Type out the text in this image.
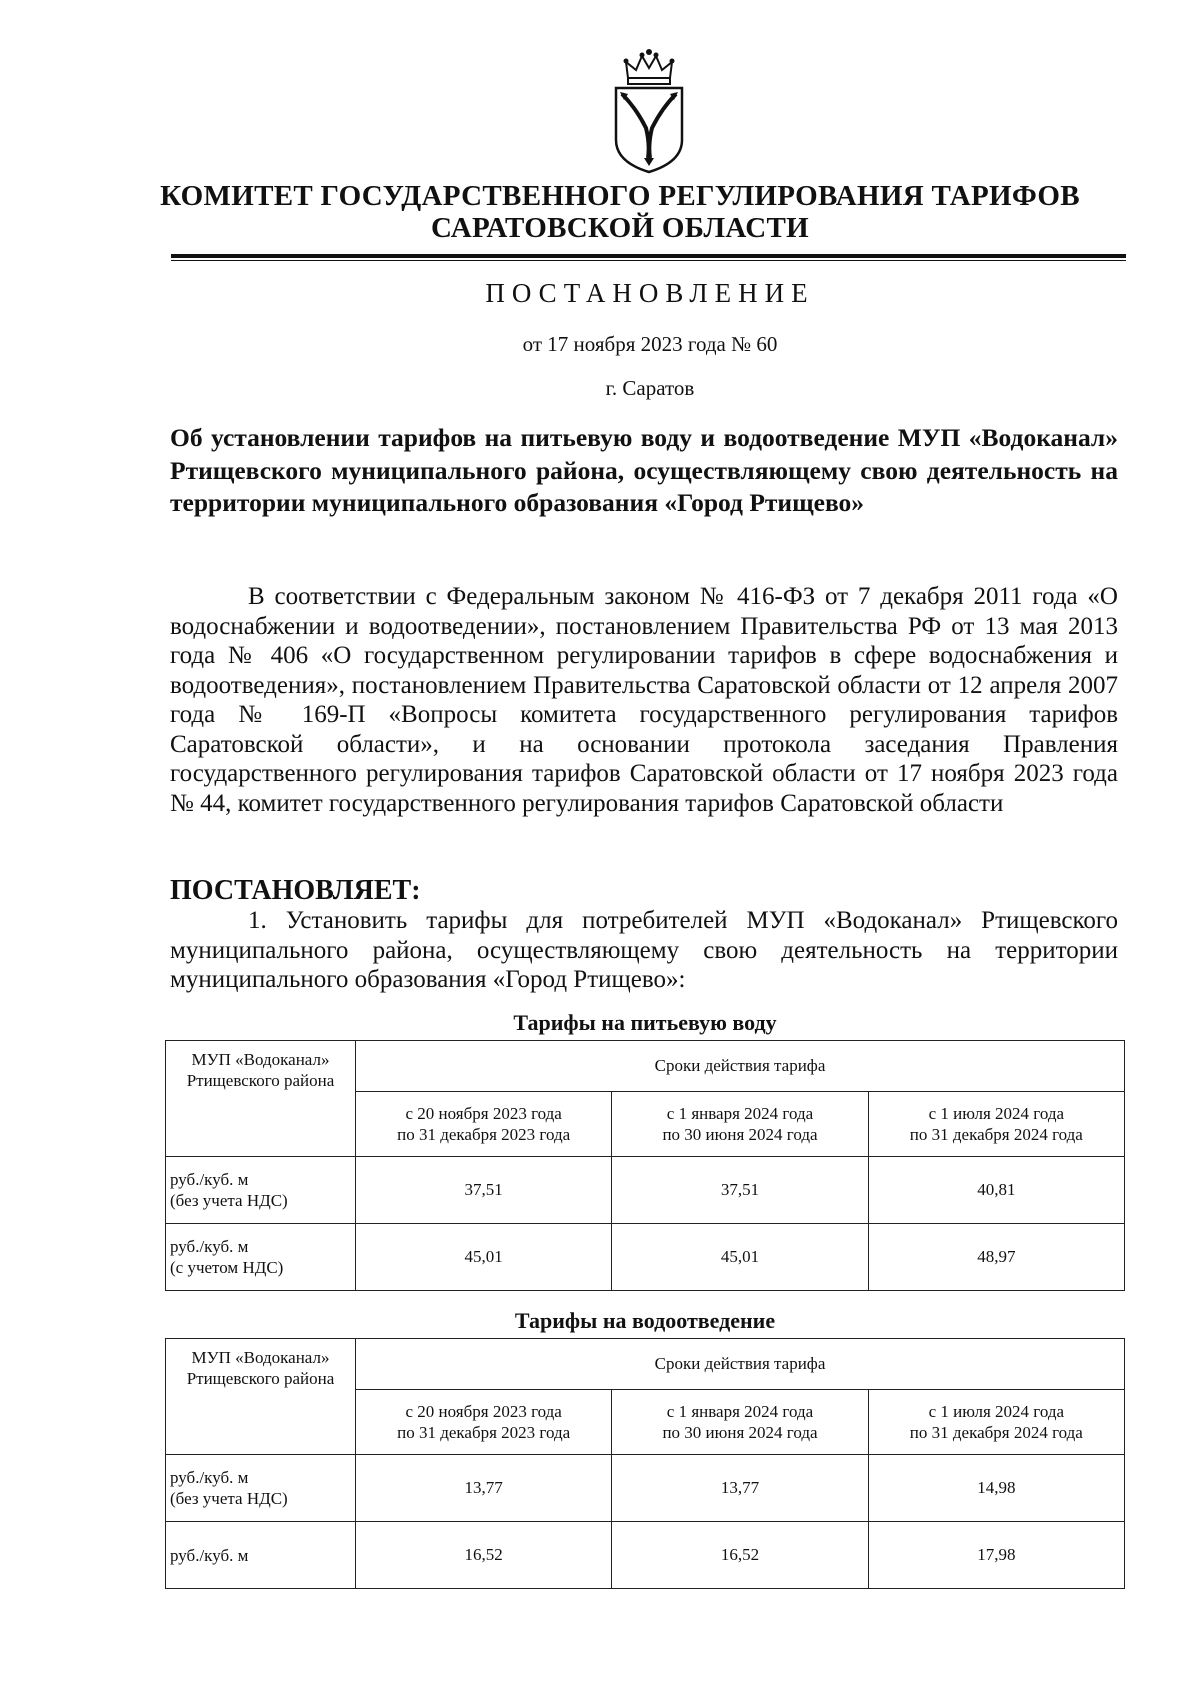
КОМИТЕТ ГОСУДАРСТВЕННОГО РЕГУЛИРОВАНИЯ ТАРИФОВ
САРАТОВСКОЙ ОБЛАСТИ
ПОСТАНОВЛЕНИЕ
от 17 ноября 2023 года № 60
г. Саратов
Об установлении тарифов на питьевую воду и водоотведение МУП «Водоканал» Ртищевского муниципального района, осуществляющему свою деятельность на территории муниципального образования «Город Ртищево»
В соответствии с Федеральным законом № 416-ФЗ от 7 декабря 2011 года «О водоснабжении и водоотведении», постановлением Правительства РФ от 13 мая 2013 года № 406 «О государственном регулировании тарифов в сфере водоснабжения и водоотведения», постановлением Правительства Саратовской области от 12 апреля 2007 года № 169-П «Вопросы комитета государственного регулирования тарифов Саратовской области», и на основании протокола заседания Правления государственного регулирования тарифов Саратовской области от 17 ноября 2023 года № 44, комитет государственного регулирования тарифов Саратовской области
ПОСТАНОВЛЯЕТ:
1. Установить тарифы для потребителей МУП «Водоканал» Ртищевского муниципального района, осуществляющему свою деятельность на территории муниципального образования «Город Ртищево»:
Тарифы на питьевую воду
МУП «Водоканал»
Ртищевского района	Сроки действия тарифа		

	с 20 ноября 2023 года
по 31 декабря 2023 года	с 1 января 2024 года
по 30 июня 2024 года	с 1 июля 2024 года
по 31 декабря 2024 года

руб./куб. м
(без учета НДС)	37,51	37,51	40,81

руб./куб. м
(с учетом НДС)	45,01	45,01	48,97
Тарифы на водоотведение
МУП «Водоканал»
Ртищевского района	Сроки действия тарифа		

	с 20 ноября 2023 года
по 31 декабря 2023 года	с 1 января 2024 года
по 30 июня 2024 года	с 1 июля 2024 года
по 31 декабря 2024 года

руб./куб. м
(без учета НДС)	13,77	13,77	14,98

руб./куб. м	16,52	16,52	17,98
